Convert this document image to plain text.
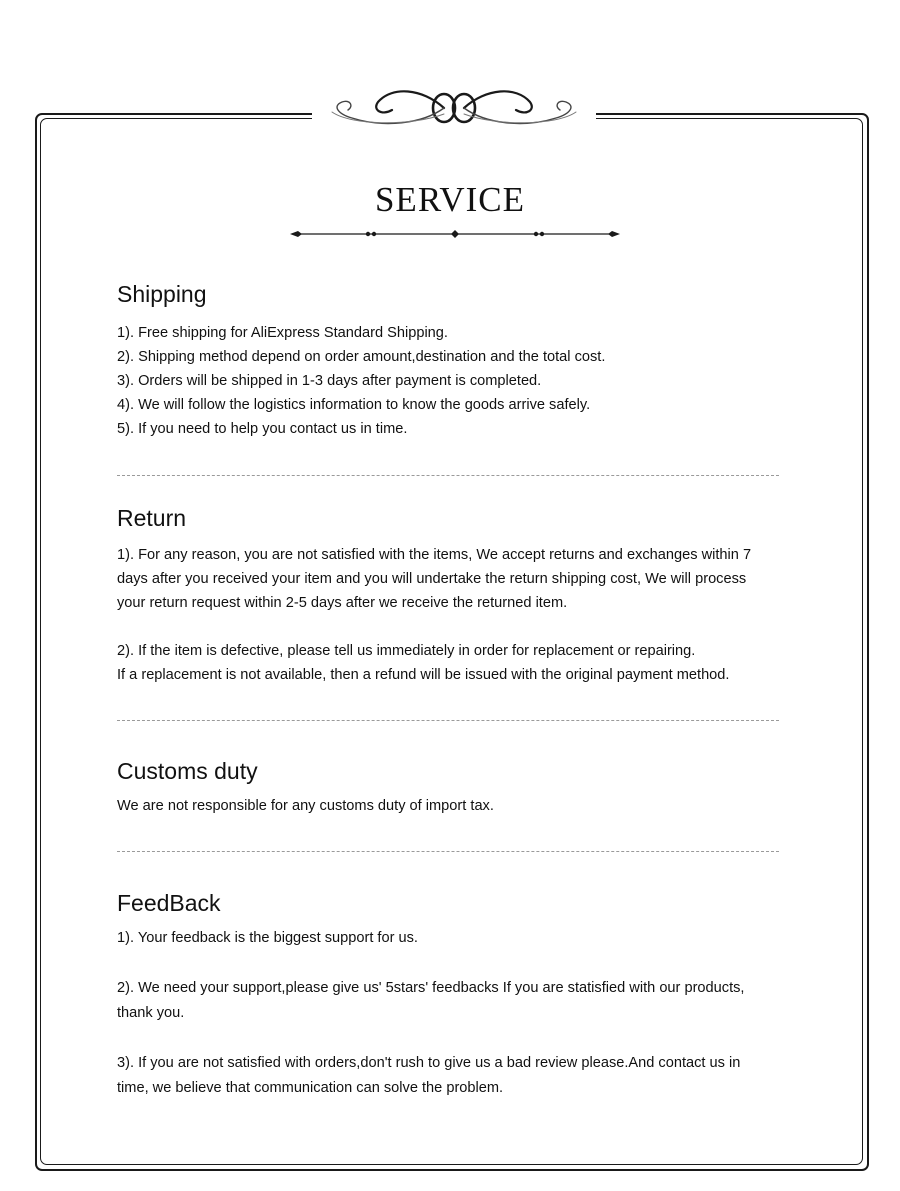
SERVICE
Shipping
1). Free shipping for AliExpress Standard Shipping.
2). Shipping method depend on order amount,destination and the total cost.
3). Orders will be shipped in 1-3 days after payment is completed.
4). We will follow the logistics information to know the goods arrive safely.
5). If you need to help you contact us in time.
Return
1). For any reason, you are not satisfied with the items, We accept returns and exchanges within 7
days after you received your item and you will undertake the return shipping cost, We will process
your return request within 2-5 days after we receive the returned item.
2). If the item is defective, please tell us immediately in order for replacement or repairing.
If a replacement is not available, then a refund will be issued with the original payment method.
Customs duty
We are not responsible for any customs duty of import tax.
FeedBack
1). Your feedback is the biggest support for us.
2). We need your support,please give us' 5stars' feedbacks If you are statisfied with our products,
thank you.
3). If you are not satisfied with orders,don't rush to give us a bad review please.And contact us in
time, we believe that communication can solve the problem.
